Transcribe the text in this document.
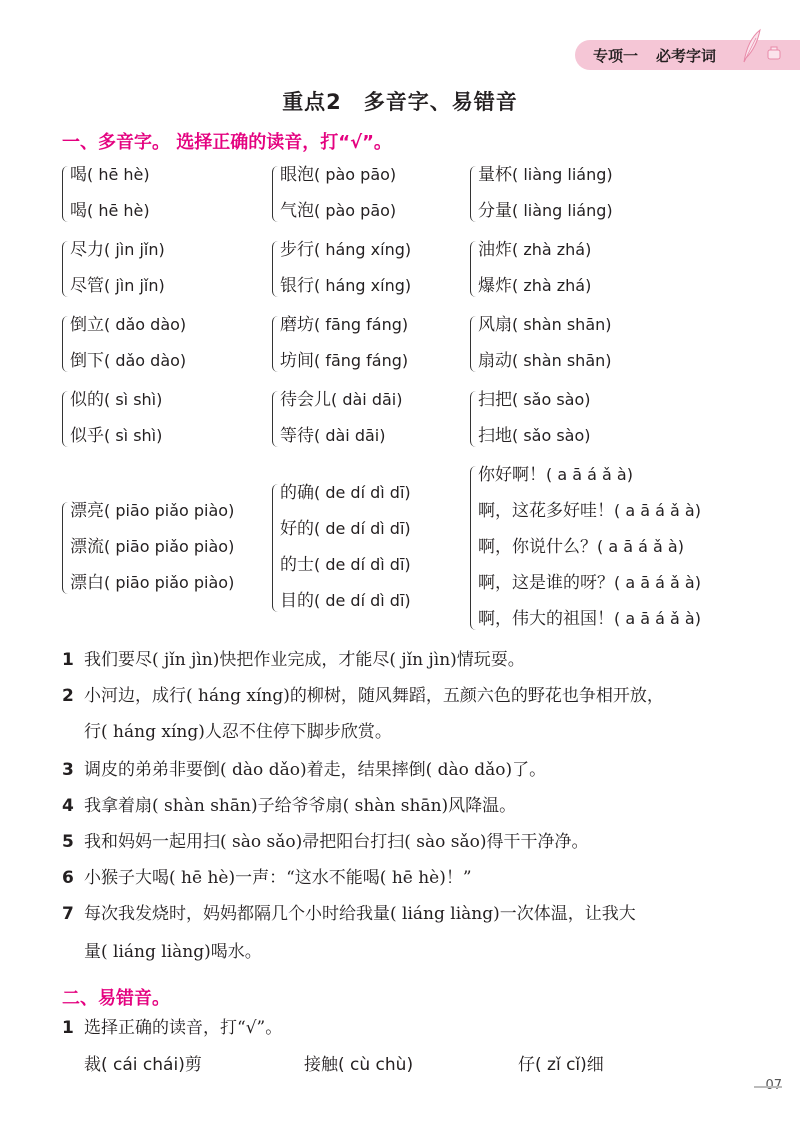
专项一 必考字词
重点2　多音字、易错音
一、多音字。 选择正确的读音，打“√”。
喝( hē hè)
喝( hē hè)
眼泡( pào pāo)
气泡( pào pāo)
量杯( liàng liáng)
分量( liàng liáng)
尽力( jìn jǐn)
尽管( jìn jǐn)
步行( háng xíng)
银行( háng xíng)
油炸( zhà zhá)
爆炸( zhà zhá)
倒立( dǎo dào)
倒下( dǎo dào)
磨坊( fāng fáng)
坊间( fāng fáng)
风扇( shàn shān)
扇动( shàn shān)
似的( sì shì)
似乎( sì shì)
待会儿( dài dāi)
等待( dài dāi)
扫把( sǎo sào)
扫地( sǎo sào)
漂亮( piāo piǎo piào)
漂流( piāo piǎo piào)
漂白( piāo piǎo piào)
的确( de dí dì dī)
好的( de dí dì dī)
的士( de dí dì dī)
目的( de dí dì dī)
你好啊！( a ā á ǎ à)
啊，这花多好哇！( a ā á ǎ à)
啊，你说什么？( a ā á ǎ à)
啊，这是谁的呀？( a ā á ǎ à)
啊，伟大的祖国！( a ā á ǎ à)
1 我们要尽( jǐn jìn)快把作业完成，才能尽( jǐn jìn)情玩耍。
2 小河边，成行( háng xíng)的柳树，随风舞蹈，五颜六色的野花也争相开放，
行( háng xíng)人忍不住停下脚步欣赏。
3 调皮的弟弟非要倒( dào dǎo)着走，结果摔倒( dào dǎo)了。
4 我拿着扇( shàn shān)子给爷爷扇( shàn shān)风降温。
5 我和妈妈一起用扫( sào sǎo)帚把阳台打扫( sào sǎo)得干干净净。
6 小猴子大喝( hē hè)一声：“这水不能喝( hē hè)！”
7 每次我发烧时，妈妈都隔几个小时给我量( liáng liàng)一次体温，让我大
量( liáng liàng)喝水。
二、易错音。
1 选择正确的读音，打“√”。
裁( cái chái)剪	接触( cù chù)	仔( zǐ cǐ)细
